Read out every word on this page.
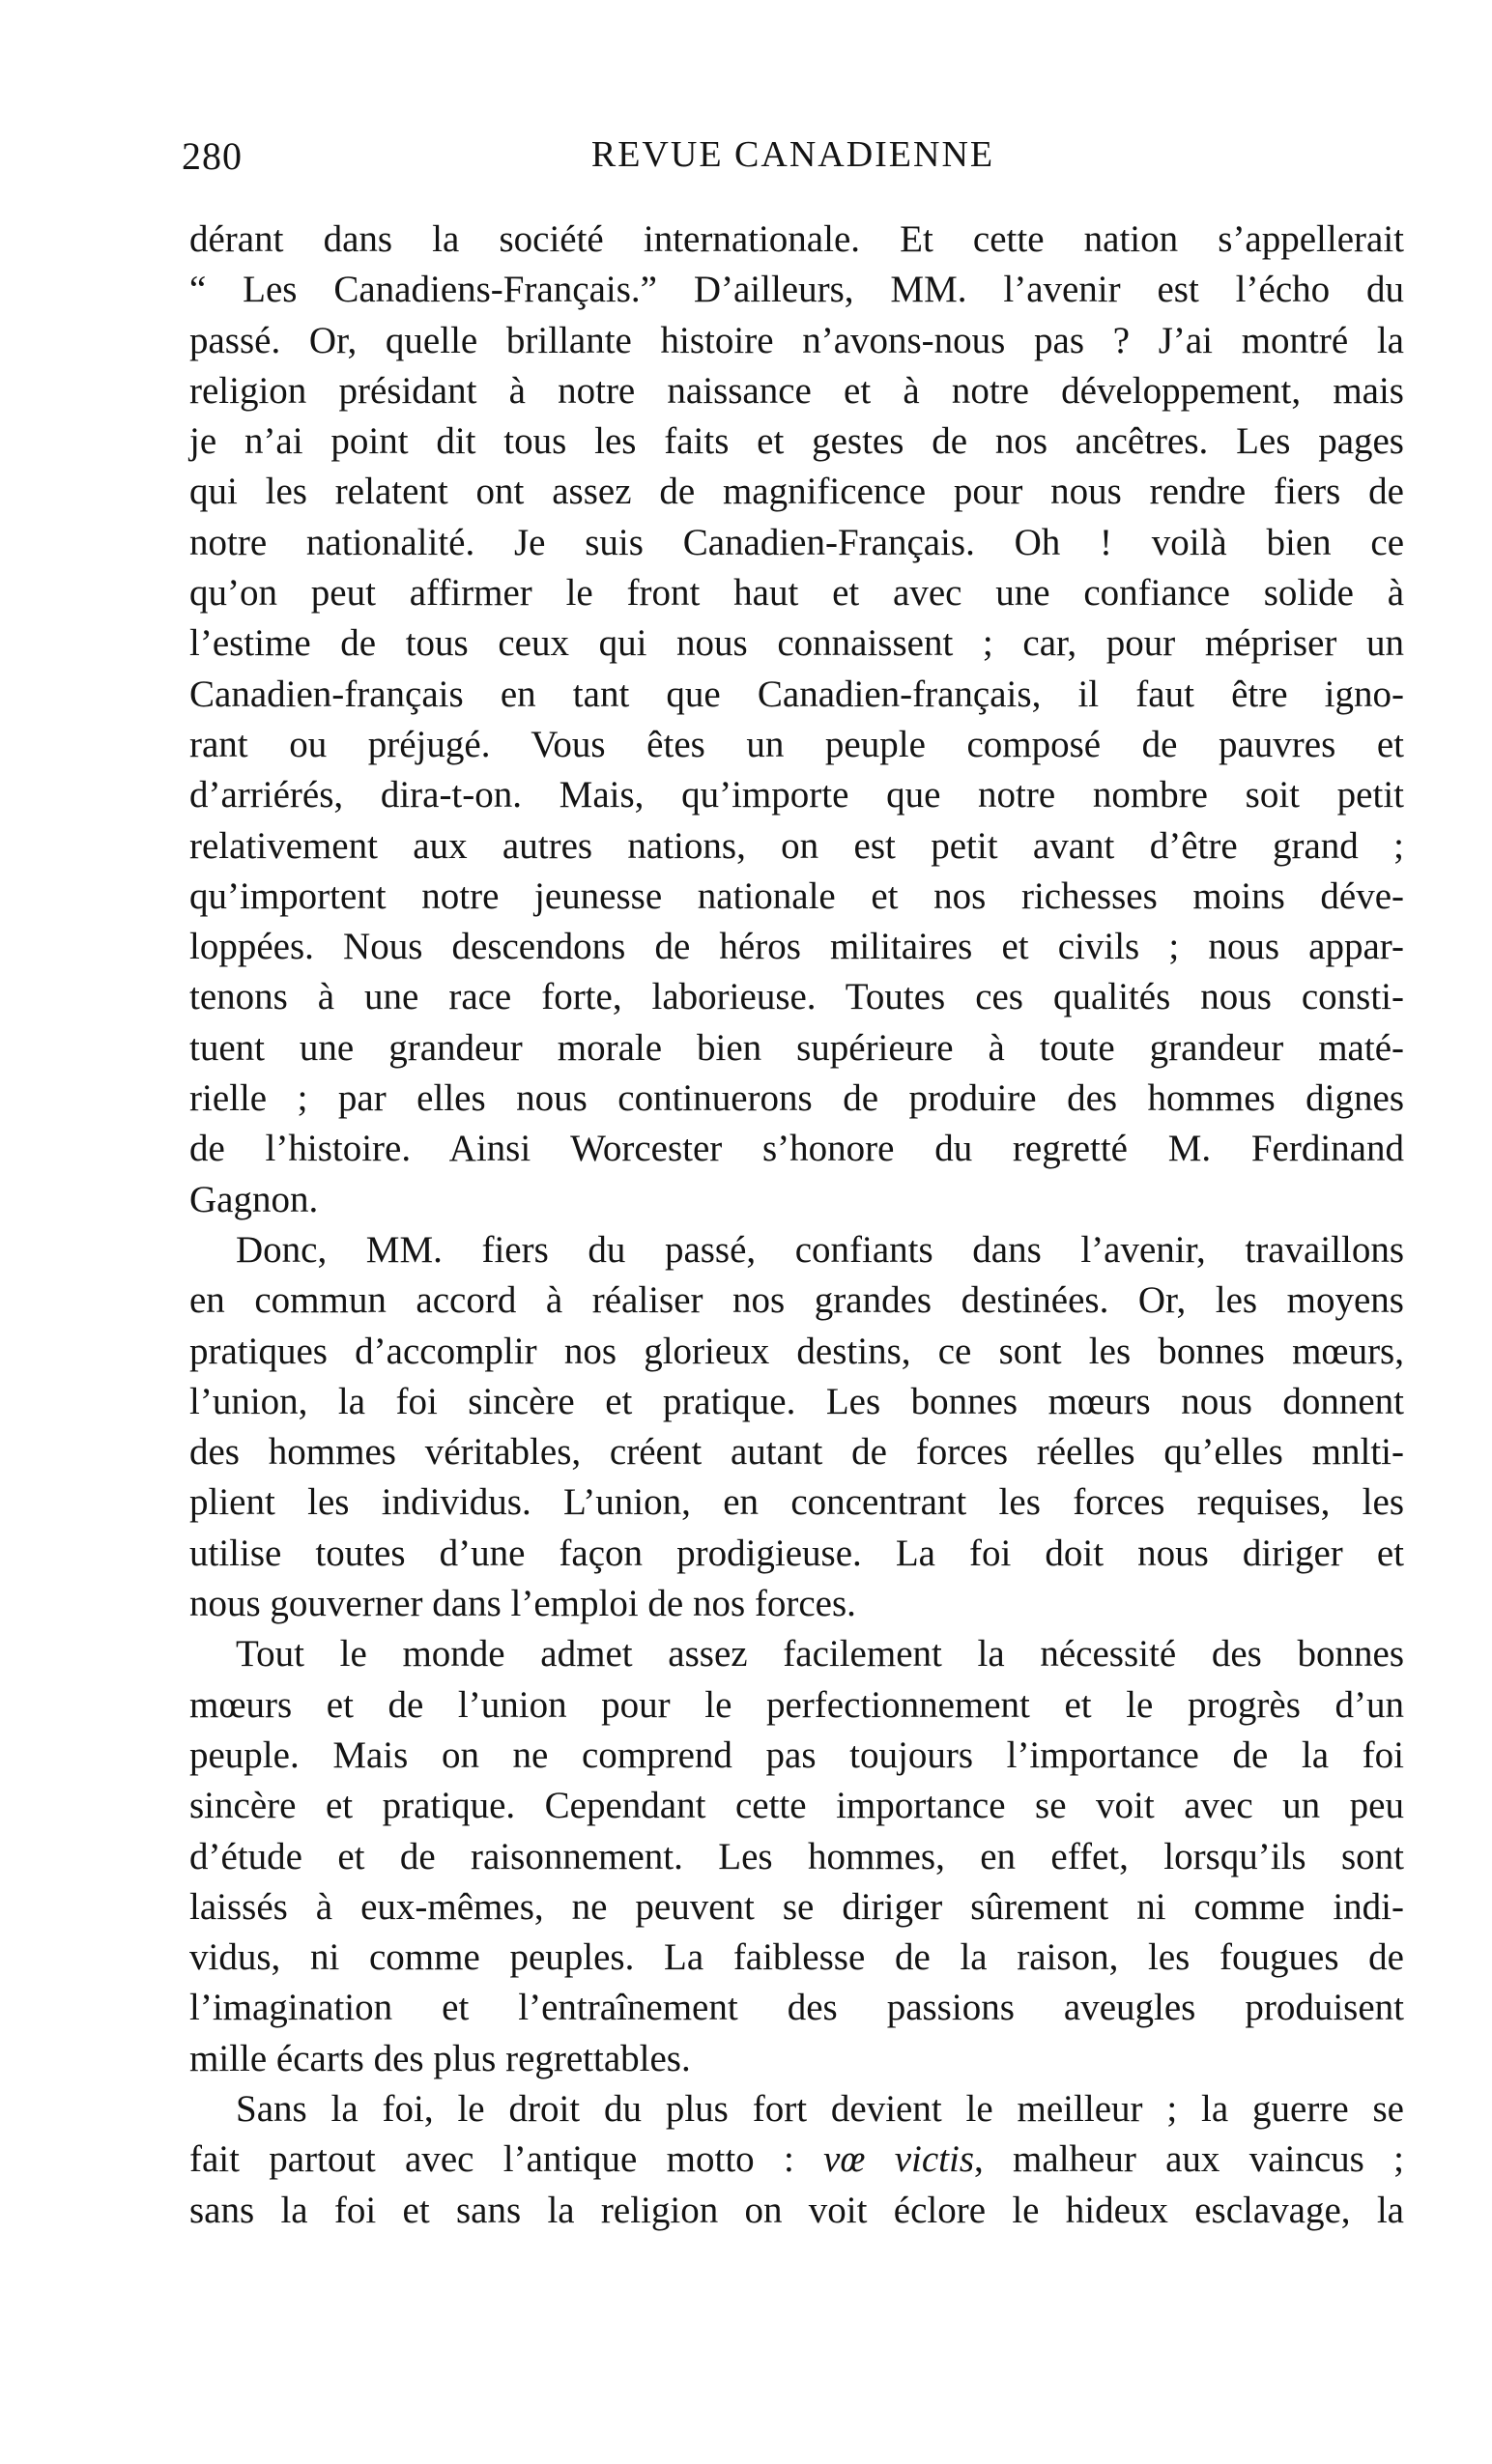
280	REVUE CANADIENNE
dérant dans la société internationale. Et cette nation s’appellerait
“ Les Canadiens-Français.” D’ailleurs, MM. l’avenir est l’écho du
passé. Or, quelle brillante histoire n’avons-nous pas ? J’ai montré la
religion présidant à notre naissance et à notre développement, mais
je n’ai point dit tous les faits et gestes de nos ancêtres. Les pages
qui les relatent ont assez de magnificence pour nous rendre fiers de
notre nationalité. Je suis Canadien-Français. Oh ! voilà bien ce
qu’on peut affirmer le front haut et avec une confiance solide à
l’estime de tous ceux qui nous connaissent ; car, pour mépriser un
Canadien-français en tant que Canadien-français, il faut être igno-
rant ou préjugé. Vous êtes un peuple composé de pauvres et
d’arriérés, dira-t-on. Mais, qu’importe que notre nombre soit petit
relativement aux autres nations, on est petit avant d’être grand ;
qu’importent notre jeunesse nationale et nos richesses moins déve-
loppées. Nous descendons de héros militaires et civils ; nous appar-
tenons à une race forte, laborieuse. Toutes ces qualités nous consti-
tuent une grandeur morale bien supérieure à toute grandeur maté-
rielle ; par elles nous continuerons de produire des hommes dignes
de l’histoire. Ainsi Worcester s’honore du regretté M. Ferdinand
Gagnon.
Donc, MM. fiers du passé, confiants dans l’avenir, travaillons
en commun accord à réaliser nos grandes destinées. Or, les moyens
pratiques d’accomplir nos glorieux destins, ce sont les bonnes mœurs,
l’union, la foi sincère et pratique. Les bonnes mœurs nous donnent
des hommes véritables, créent autant de forces réelles qu’elles mnlti-
plient les individus. L’union, en concentrant les forces requises, les
utilise toutes d’une façon prodigieuse. La foi doit nous diriger et
nous gouverner dans l’emploi de nos forces.
Tout le monde admet assez facilement la nécessité des bonnes
mœurs et de l’union pour le perfectionnement et le progrès d’un
peuple. Mais on ne comprend pas toujours l’importance de la foi
sincère et pratique. Cependant cette importance se voit avec un peu
d’étude et de raisonnement. Les hommes, en effet, lorsqu’ils sont
laissés à eux-mêmes, ne peuvent se diriger sûrement ni comme indi-
vidus, ni comme peuples. La faiblesse de la raison, les fougues de
l’imagination et l’entraînement des passions aveugles produisent
mille écarts des plus regrettables.
Sans la foi, le droit du plus fort devient le meilleur ; la guerre se
fait partout avec l’antique motto : vœ victis, malheur aux vaincus ;
sans la foi et sans la religion on voit éclore le hideux esclavage, la
